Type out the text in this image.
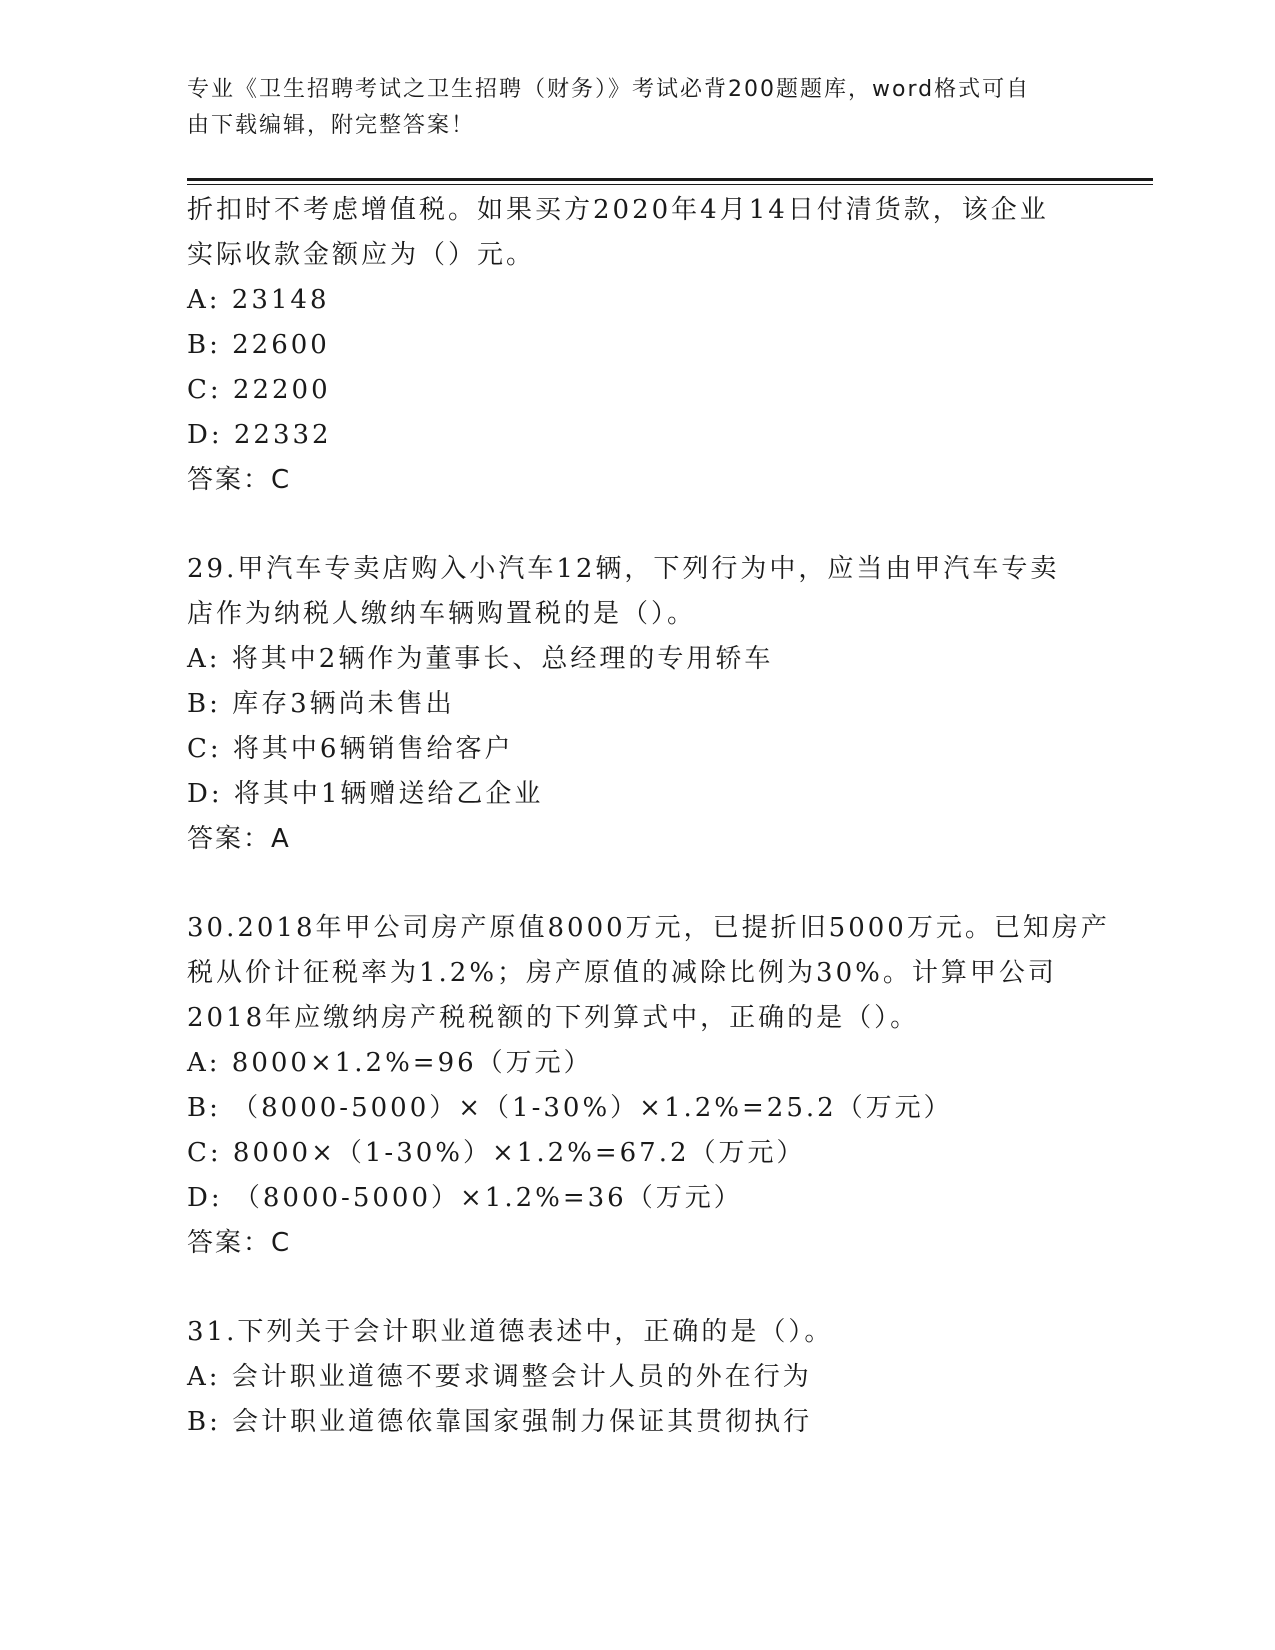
专业《卫生招聘考试之卫生招聘（财务）》考试必背200题题库，word格式可自
由下载编辑，附完整答案！
折扣时不考虑增值税。如果买方2020年4月14日付清货款，该企业
实际收款金额应为（）元。
A: 23148
B: 22600
C: 22200
D: 22332
答案：C
29.甲汽车专卖店购入小汽车12辆，下列行为中，应当由甲汽车专卖
店作为纳税人缴纳车辆购置税的是（）。
A: 将其中2辆作为董事长、总经理的专用轿车
B: 库存3辆尚未售出
C: 将其中6辆销售给客户
D: 将其中1辆赠送给乙企业
答案：A
30.2018年甲公司房产原值8000万元，已提折旧5000万元。已知房产
税从价计征税率为1.2%；房产原值的减除比例为30%。计算甲公司
2018年应缴纳房产税税额的下列算式中，正确的是（）。
A: 8000×1.2%=96（万元）
B: （8000-5000）×（1-30%）×1.2%=25.2（万元）
C: 8000×（1-30%）×1.2%=67.2（万元）
D: （8000-5000）×1.2%=36（万元）
答案：C
31.下列关于会计职业道德表述中，正确的是（）。
A: 会计职业道德不要求调整会计人员的外在行为
B: 会计职业道德依靠国家强制力保证其贯彻执行
